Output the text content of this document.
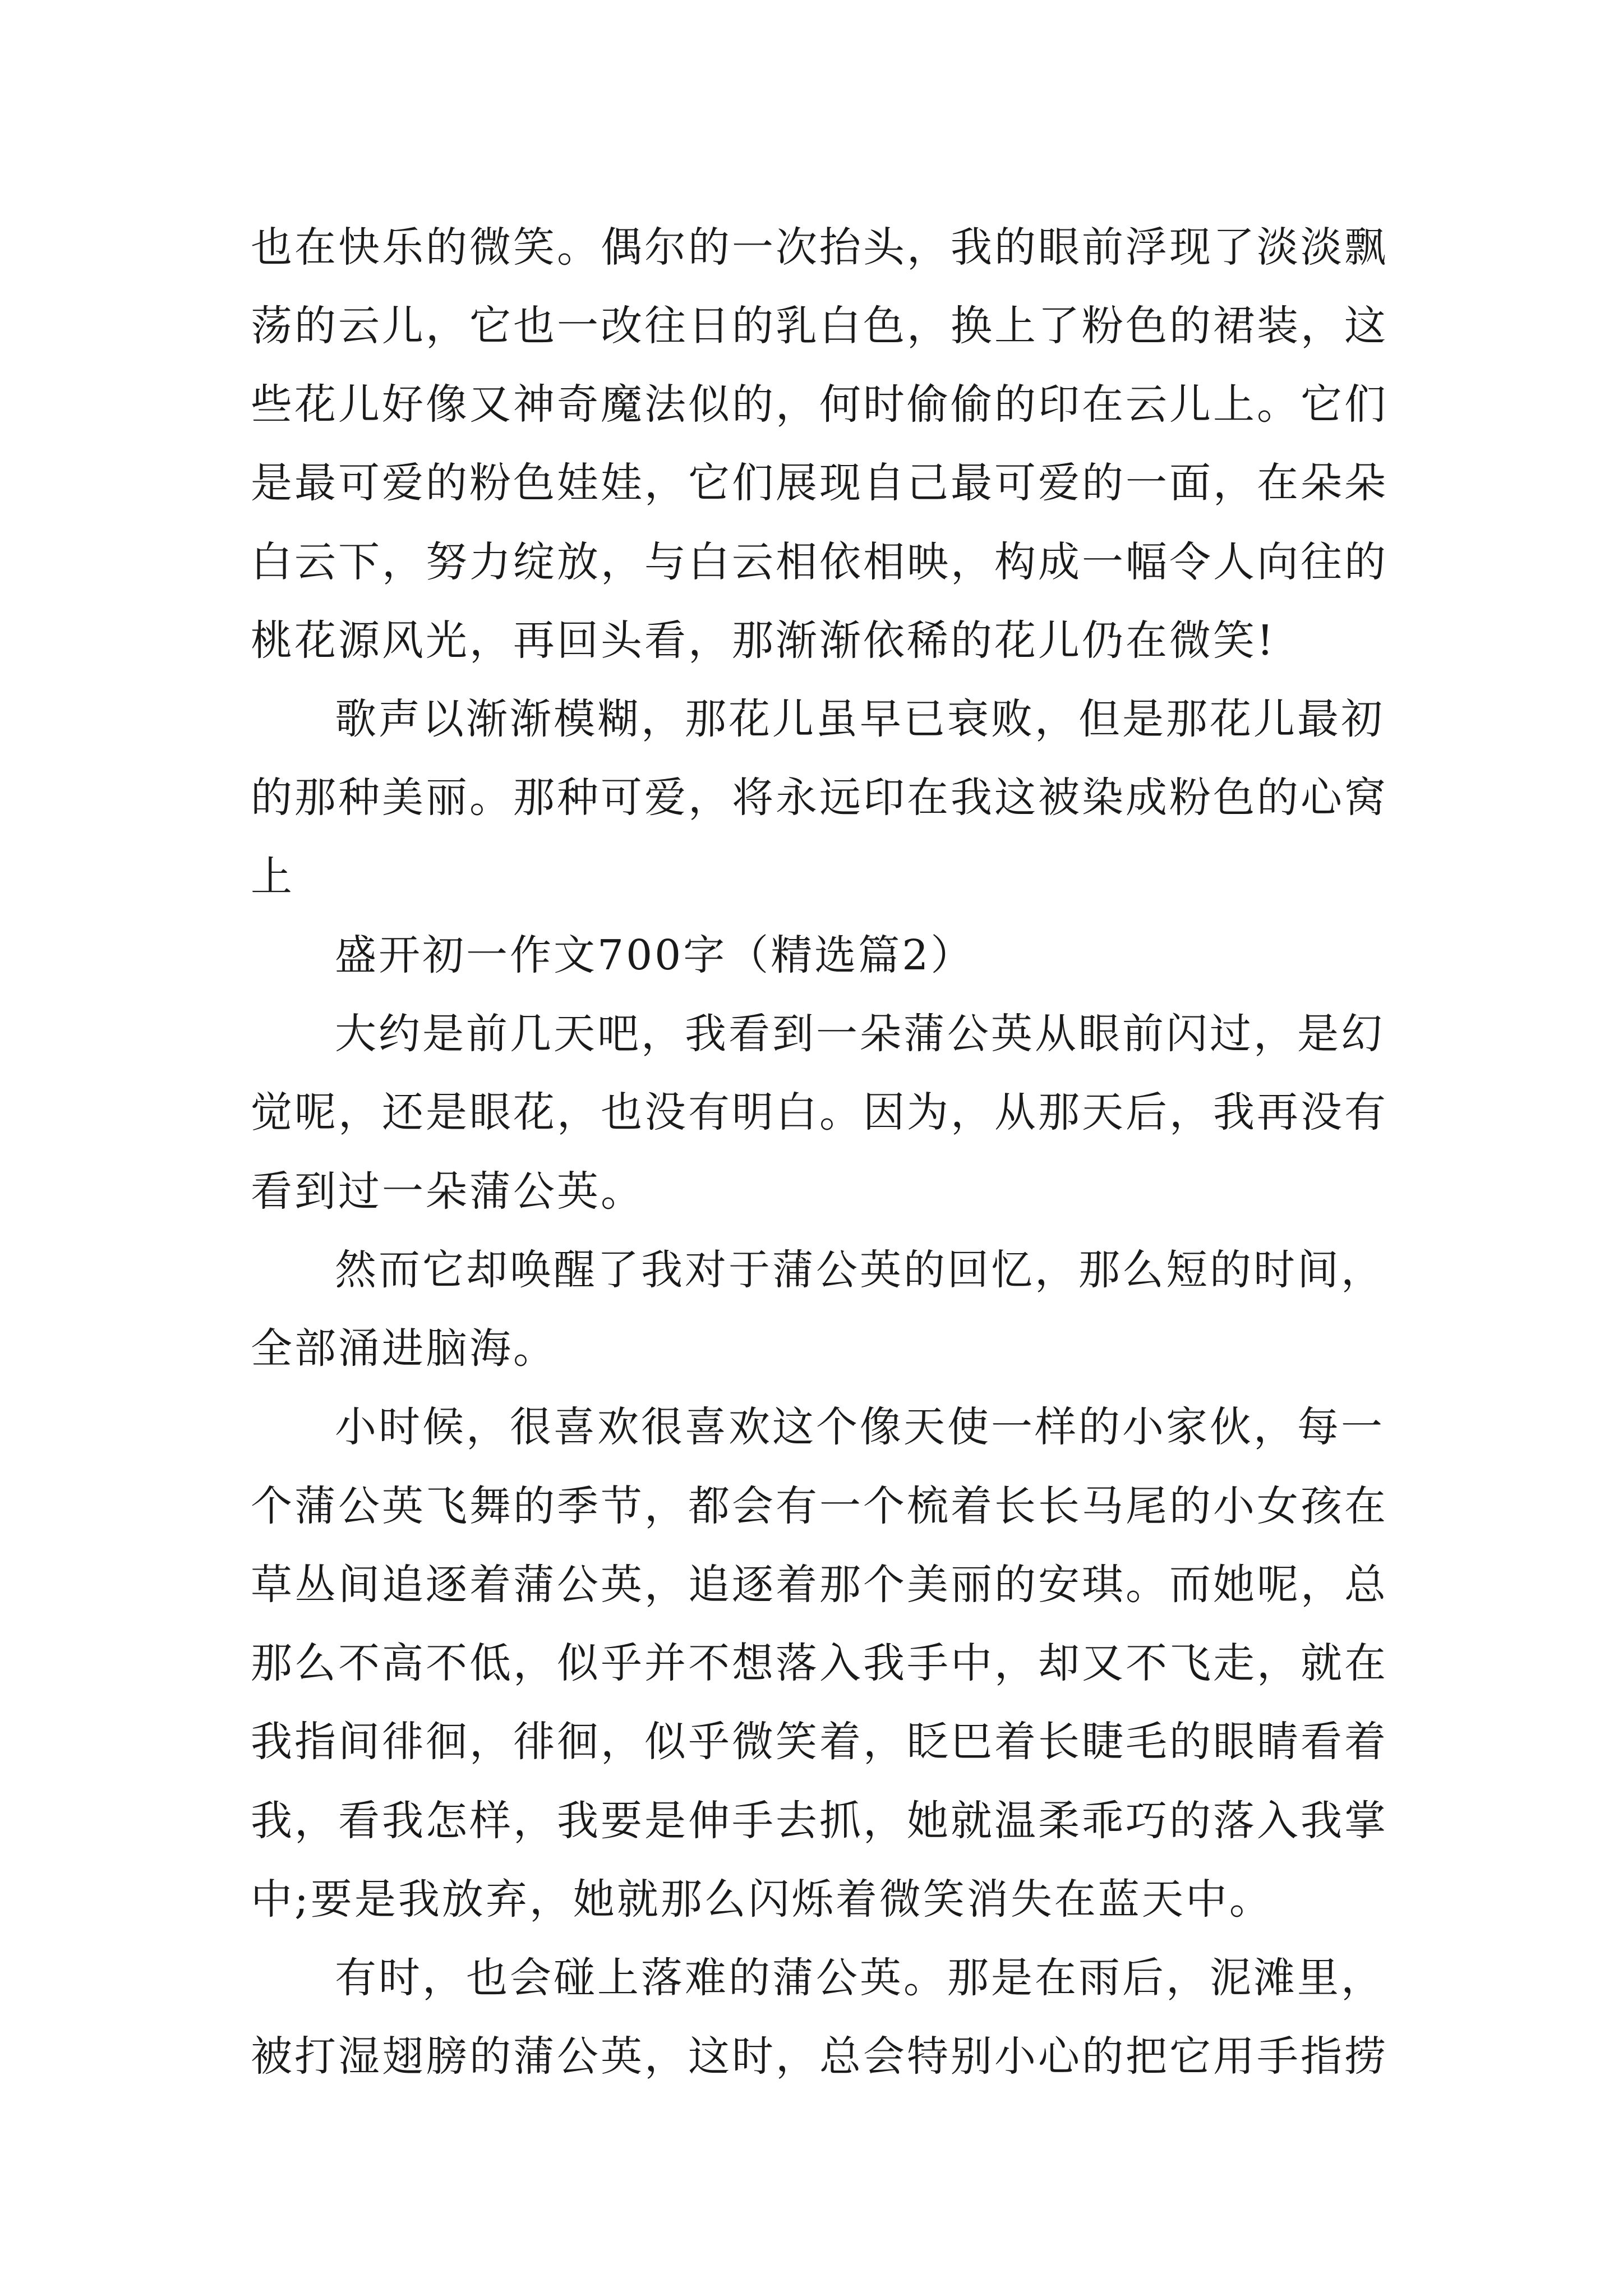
也在快乐的微笑。偶尔的一次抬头，我的眼前浮现了淡淡飘
荡的云儿，它也一改往日的乳白色，换上了粉色的裙装，这
些花儿好像又神奇魔法似的，何时偷偷的印在云儿上。它们
是最可爱的粉色娃娃，它们展现自己最可爱的一面，在朵朵
白云下，努力绽放，与白云相依相映，构成一幅令人向往的
桃花源风光，再回头看，那渐渐依稀的花儿仍在微笑!
歌声以渐渐模糊，那花儿虽早已衰败，但是那花儿最初
的那种美丽。那种可爱，将永远印在我这被染成粉色的心窝
上
盛开初一作文700字（精选篇2）
大约是前几天吧，我看到一朵蒲公英从眼前闪过，是幻
觉呢，还是眼花，也没有明白。因为，从那天后，我再没有
看到过一朵蒲公英。
然而它却唤醒了我对于蒲公英的回忆，那么短的时间，
全部涌进脑海。
小时候，很喜欢很喜欢这个像天使一样的小家伙，每一
个蒲公英飞舞的季节，都会有一个梳着长长马尾的小女孩在
草丛间追逐着蒲公英，追逐着那个美丽的安琪。而她呢，总
那么不高不低，似乎并不想落入我手中，却又不飞走，就在
我指间徘徊，徘徊，似乎微笑着，眨巴着长睫毛的眼睛看着
我，看我怎样，我要是伸手去抓，她就温柔乖巧的落入我掌
中;要是我放弃，她就那么闪烁着微笑消失在蓝天中。
有时，也会碰上落难的蒲公英。那是在雨后，泥滩里，
被打湿翅膀的蒲公英，这时，总会特别小心的把它用手指捞
